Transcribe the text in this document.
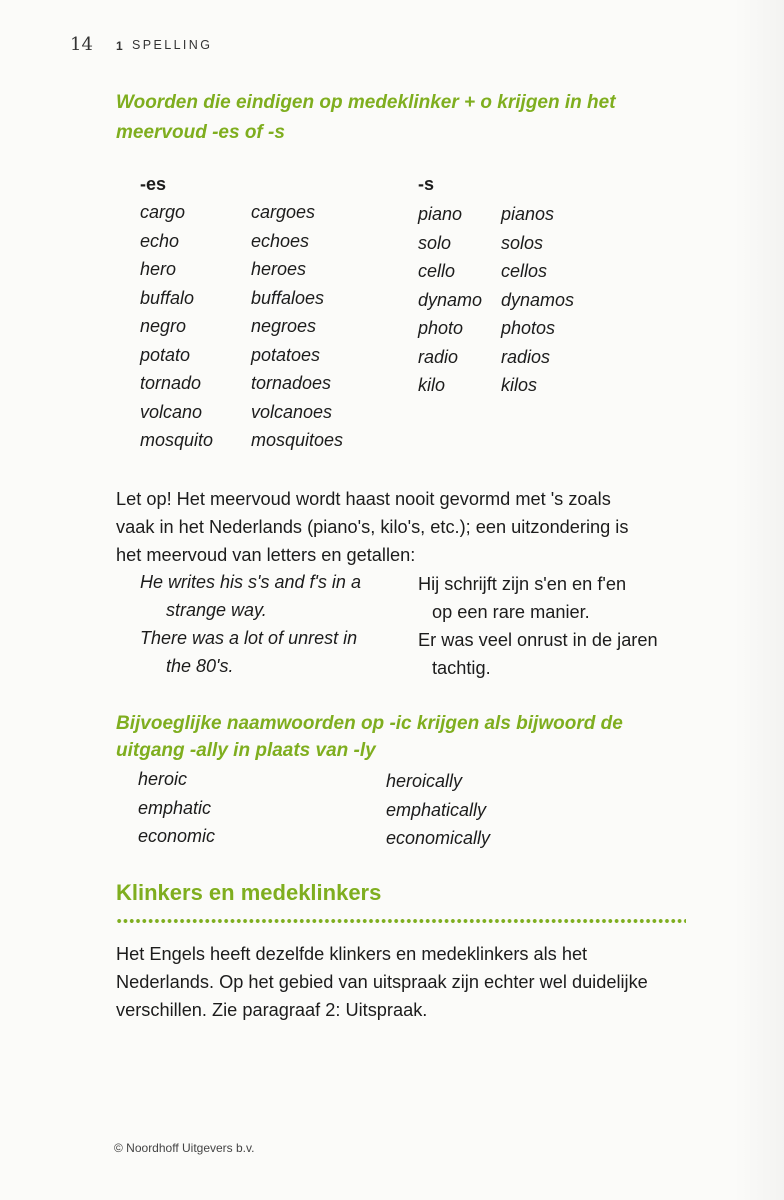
14 1 SPELLING
Woorden die eindigen op medeklinker + o krijgen in het
meervoud -es of -s
-es	-s
cargo
echo
hero
buffalo
negro
potato
tornado
volcano
mosquito
cargoes
echoes
heroes
buffaloes
negroes
potatoes
tornadoes
volcanoes
mosquitoes
piano
solo
cello
dynamo
photo
radio
kilo
pianos
solos
cellos
dynamos
photos
radios
kilos
Let op! Het meervoud wordt haast nooit gevormd met 's zoals
vaak in het Nederlands (piano's, kilo's, etc.); een uitzondering is
het meervoud van letters en getallen:
He writes his s's and f's in a
strange way.
Hij schrijft zijn s'en en f'en
op een rare manier.
There was a lot of unrest in
the 80's.
Er was veel onrust in de jaren
tachtig.
Bijvoeglijke naamwoorden op -ic krijgen als bijwoord de
uitgang -ally in plaats van -ly
heroic
emphatic
economic
heroically
emphatically
economically
Klinkers en medeklinkers
Het Engels heeft dezelfde klinkers en medeklinkers als het
Nederlands. Op het gebied van uitspraak zijn echter wel duidelijke
verschillen. Zie paragraaf 2: Uitspraak.
© Noordhoff Uitgevers b.v.
